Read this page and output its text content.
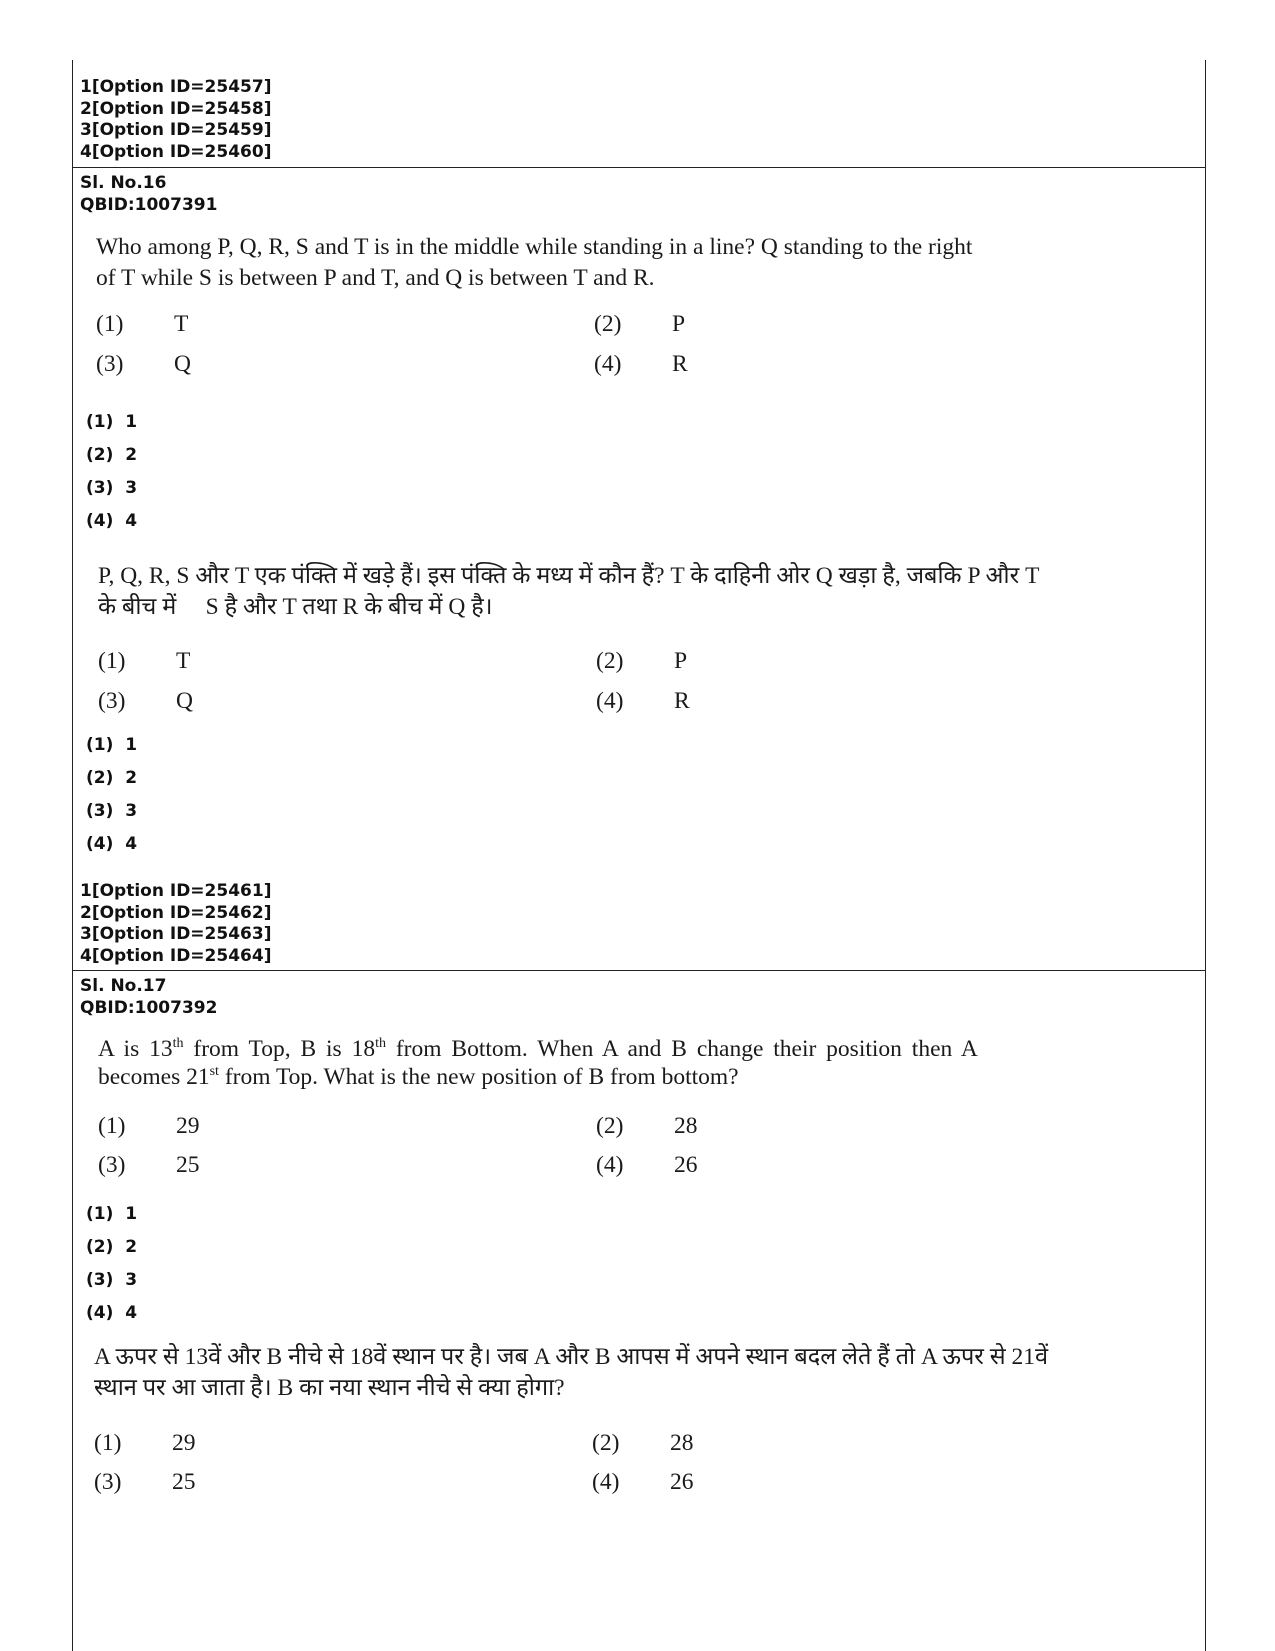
1[Option ID=25457]
2[Option ID=25458]
3[Option ID=25459]
4[Option ID=25460]
Sl. No.16
QBID:1007391
Who among P, Q, R, S and T is in the middle while standing in a line? Q standing to the right
of T while S is between P and T, and Q is between T and R.
(1) T	(2) P
(3) Q	(4) R
(1)  1
(2)  2
(3)  3
(4)  4
P, Q, R, S और T एक पंक्ति में खड़े हैं। इस पंक्ति के मध्य में कौन हैं? T के दाहिनी ओर Q खड़ा है, जबकि P और T
के बीच में     S है और T तथा R के बीच में Q है।
(1) T	(2) P
(3) Q	(4) R
(1)  1
(2)  2
(3)  3
(4)  4
1[Option ID=25461]
2[Option ID=25462]
3[Option ID=25463]
4[Option ID=25464]
Sl. No.17
QBID:1007392
A is 13th from Top, B is 18th from Bottom. When A and B change their position then A
becomes 21st from Top. What is the new position of B from bottom?
(1) 29	(2) 28
(3) 25	(4) 26
(1)  1
(2)  2
(3)  3
(4)  4
A ऊपर से 13वें और B नीचे से 18वें स्थान पर है। जब A और B आपस में अपने स्थान बदल लेते हैं तो A ऊपर से 21वें
स्थान पर आ जाता है। B का नया स्थान नीचे से क्या होगा?
(1) 29	(2) 28
(3) 25	(4) 26
